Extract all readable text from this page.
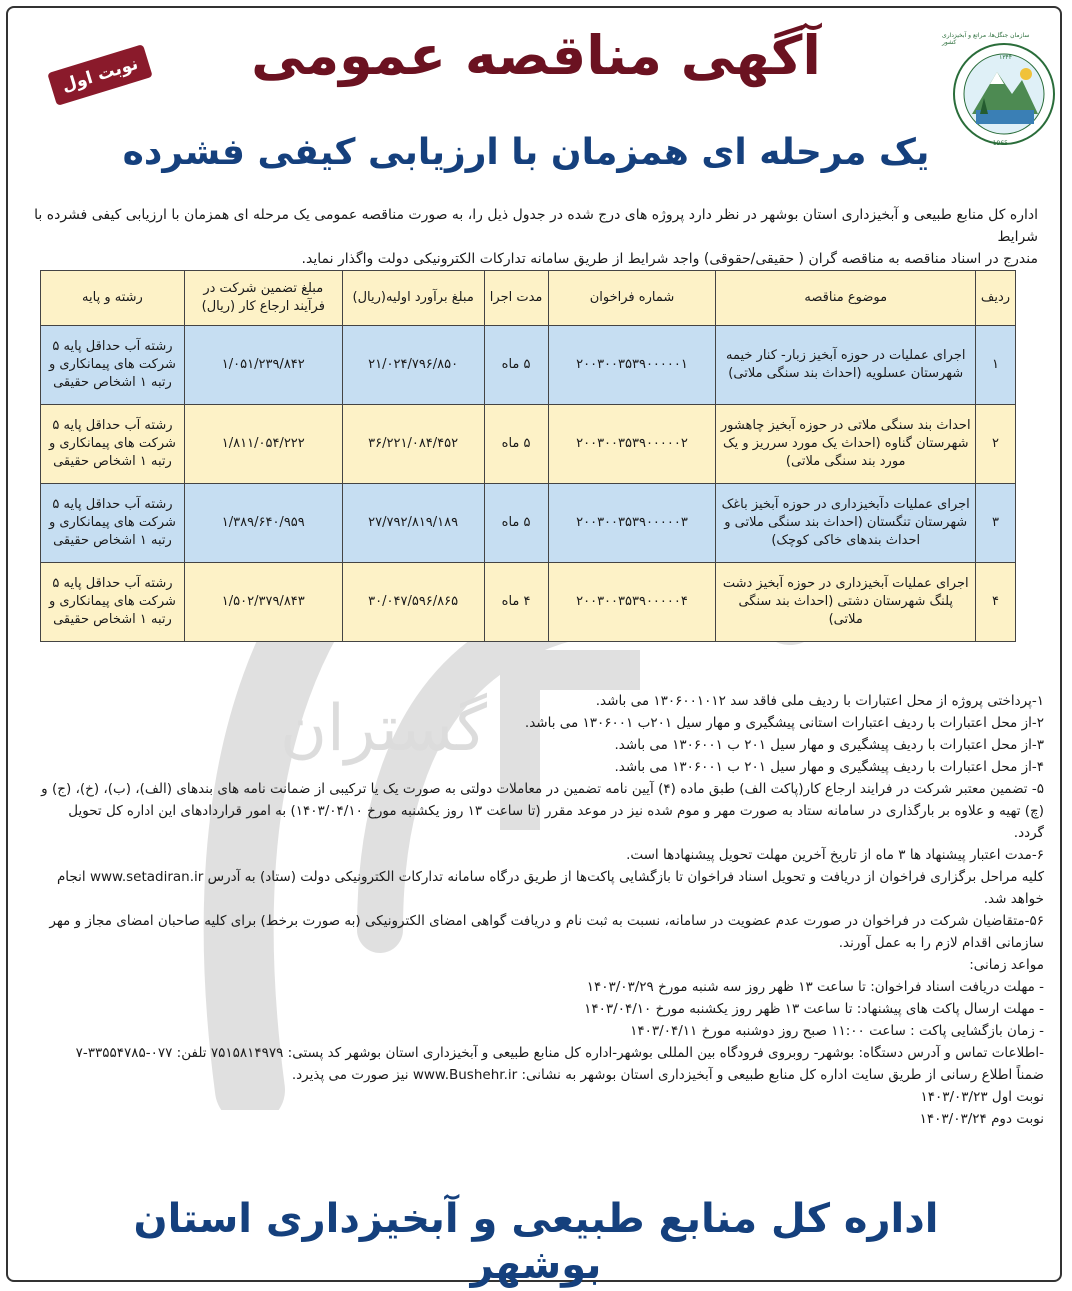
گستران
سازمان جنگل‌ها، مراتع و آبخیزداری کشور
۱۳۴۴
1965
نوبت اول	آگهی مناقصه عمومی
یک مرحله ای همزمان با ارزیابی کیفی فشرده
اداره کل منابع طبیعی و آبخیزداری استان بوشهر در نظر دارد پروژه های درج شده در جدول ذیل را، به صورت مناقصه عمومی یک مرحله ای همزمان با ارزیابی کیفی فشرده با شرایط
مندرج در اسناد مناقصه به مناقصه گران ( حقیقی/حقوقی) واجد شرایط از طریق سامانه تدارکات الکترونیکی دولت واگذار نماید.
ردیف	موضوع مناقصه	شماره فراخوان	مدت اجرا	مبلغ برآورد اولیه(ریال)	مبلغ تضمین شرکت در فرآیند ارجاع کار (ریال)	رشته و پایه
۱	اجرای عملیات در حوزه آبخیز زبار- کنار خیمه شهرستان عسلویه (احداث بند سنگی ملاتی)	۲۰۰۳۰۰۳۵۳۹۰۰۰۰۰۱	۵ ماه	۲۱/۰۲۴/۷۹۶/۸۵۰	۱/۰۵۱/۲۳۹/۸۴۲	رشته آب حداقل پایه ۵ شرکت های پیمانکاری و رتبه ۱ اشخاص حقیقی
۲	احداث بند سنگی ملاتی در حوزه آبخیز چاهشور شهرستان گناوه (احداث یک مورد سرریز و یک مورد بند سنگی ملاتی)	۲۰۰۳۰۰۳۵۳۹۰۰۰۰۰۲	۵ ماه	۳۶/۲۲۱/۰۸۴/۴۵۲	۱/۸۱۱/۰۵۴/۲۲۲	رشته آب حداقل پایه ۵ شرکت های پیمانکاری و رتبه ۱ اشخاص حقیقی
۳	اجرای عملیات دآبخیزداری در حوزه آبخیز باغک شهرستان تنگستان (احداث بند سنگی ملاتی و احداث بندهای خاکی کوچک)	۲۰۰۳۰۰۳۵۳۹۰۰۰۰۰۳	۵ ماه	۲۷/۷۹۲/۸۱۹/۱۸۹	۱/۳۸۹/۶۴۰/۹۵۹	رشته آب حداقل پایه ۵ شرکت های پیمانکاری و رتبه ۱ اشخاص حقیقی
۴	اجرای عملیات آبخیزداری در حوزه آبخیز دشت پلنگ شهرستان دشتی (احداث بند سنگی ملاتی)	۲۰۰۳۰۰۳۵۳۹۰۰۰۰۰۴	۴ ماه	۳۰/۰۴۷/۵۹۶/۸۶۵	۱/۵۰۲/۳۷۹/۸۴۳	رشته آب حداقل پایه ۵ شرکت های پیمانکاری و رتبه ۱ اشخاص حقیقی

۱-پرداختی پروژه از محل اعتبارات با ردیف ملی فاقد سد ۱۳۰۶۰۰۱۰۱۲ می باشد.

۲-از محل اعتبارات با ردیف اعتبارات استانی پیشگیری و مهار سیل ۲۰۱ب ۱۳۰۶۰۰۱ می باشد.

۳-از محل اعتبارات با ردیف پیشگیری و مهار سیل ۲۰۱ ب ۱۳۰۶۰۰۱ می باشد.

۴-از محل اعتبارات با ردیف پیشگیری و مهار سیل ۲۰۱ ب ۱۳۰۶۰۰۱ می باشد.

۵- تضمین معتبر شرکت در فرایند ارجاع کار(پاکت الف) طبق ماده (۴) آیین نامه تضمین در معاملات دولتی به صورت یک یا ترکیبی از ضمانت نامه های بندهای (الف)، (ب)، (خ)، (ج) و (چ) تهیه و علاوه بر بارگذاری در سامانه ستاد به صورت مهر و موم شده نیز در موعد مقرر (تا ساعت ۱۳ روز یکشنبه مورخ ۱۴۰۳/۰۴/۱۰) به امور قراردادهای این اداره کل تحویل گردد.

۶-مدت اعتبار پیشنهاد ها ۳ ماه از تاریخ آخرین مهلت تحویل پیشنهادها است.

کلیه مراحل برگزاری فراخوان از دریافت و تحویل اسناد فراخوان تا بازگشایی پاکت‌ها از طریق درگاه سامانه تدارکات الکترونیکی دولت (ستاد) به آدرس www.setadiran.ir انجام خواهد شد.

۵۶-متقاضیان شرکت در فراخوان در صورت عدم عضویت در سامانه، نسبت به ثبت نام و دریافت گواهی امضای الکترونیکی (به صورت برخط) برای کلیه صاحبان امضای مجاز و مهر سازمانی اقدام لازم را به عمل آورند.

مواعد زمانی:

- مهلت دریافت اسناد فراخوان: تا ساعت ۱۳ ظهر روز سه شنبه مورخ ۱۴۰۳/۰۳/۲۹

- مهلت ارسال پاکت های پیشنهاد: تا ساعت ۱۳ ظهر روز یکشنبه مورخ ۱۴۰۳/۰۴/۱۰

- زمان بازگشایی پاکت : ساعت ۱۱:۰۰ صبح روز دوشنبه مورخ ۱۴۰۳/۰۴/۱۱

-اطلاعات تماس و آدرس دستگاه: بوشهر- روبروی فرودگاه بین المللی بوشهر-اداره کل منابع طبیعی و آبخیزداری استان بوشهر کد پستی: ۷۵۱۵۸۱۴۹۷۹ تلفن: ۰۷۷-۳۳۵۵۴۷۸۵-۷

ضمناً اطلاع رسانی از طریق سایت اداره کل منابع طبیعی و آبخیزداری استان بوشهر به نشانی: www.Bushehr.ir نیز صورت می پذیرد.

نوبت اول ۱۴۰۳/۰۳/۲۳

نوبت دوم ۱۴۰۳/۰۳/۲۴

اداره کل منابع طبیعی و آبخیزداری استان بوشهر
